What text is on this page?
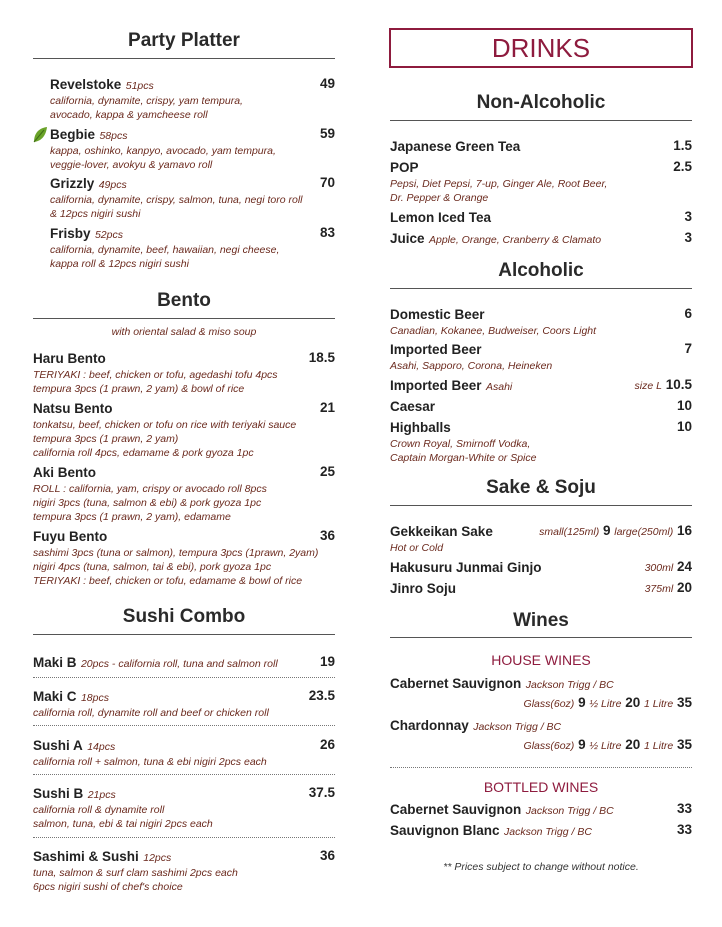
Party Platter
Revelstoke 51pcs	49
california, dynamite, crispy, yam tempura,
avocado, kappa & yamcheese roll
Begbie 58pcs	59
kappa, oshinko, kanpyo, avocado, yam tempura,
veggie-lover, avokyu & yamavo roll
Grizzly 49pcs	70
california, dynamite, crispy, salmon, tuna, negi toro roll
& 12pcs nigiri sushi
Frisby 52pcs	83
california, dynamite, beef, hawaiian, negi cheese,
kappa roll & 12pcs nigiri sushi
Bento
with oriental salad & miso soup
Haru Bento	18.5
TERIYAKI : beef, chicken or tofu, agedashi tofu 4pcs
tempura 3pcs (1 prawn, 2 yam) & bowl of rice
Natsu Bento	21
tonkatsu, beef, chicken or tofu on rice with teriyaki sauce
tempura 3pcs (1 prawn, 2 yam)
california roll 4pcs, edamame & pork gyoza 1pc
Aki Bento	25
ROLL : california, yam, crispy or avocado roll 8pcs
nigiri 3pcs (tuna, salmon & ebi) & pork gyoza 1pc
tempura 3pcs (1 prawn, 2 yam), edamame
Fuyu Bento	36
sashimi 3pcs (tuna or salmon), tempura 3pcs (1prawn, 2yam)
nigiri 4pcs (tuna, salmon, tai & ebi), pork gyoza 1pc
TERIYAKI : beef, chicken or tofu, edamame & bowl of rice
Sushi Combo
Maki B 20pcs - california roll, tuna and salmon roll	19
Maki C 18pcs	23.5
california roll, dynamite roll and beef or chicken roll
Sushi A 14pcs	26
california roll + salmon, tuna & ebi nigiri 2pcs each
Sushi B 21pcs	37.5
california roll & dynamite roll
salmon, tuna, ebi & tai nigiri 2pcs each
Sashimi & Sushi 12pcs	36
tuna, salmon & surf clam sashimi 2pcs each
6pcs nigiri sushi of chef's choice
DRINKS
Non-Alcoholic
Japanese Green Tea	1.5
POP	2.5
Pepsi, Diet Pepsi, 7-up, Ginger Ale, Root Beer,
Dr. Pepper & Orange
Lemon Iced Tea	3
Juice Apple, Orange, Cranberry & Clamato	3
Alcoholic
Domestic Beer	6
Canadian, Kokanee, Budweiser, Coors Light
Imported Beer	7
Asahi, Sapporo, Corona, Heineken
Imported Beer Asahi	size L 10.5
Caesar	10
Highballs	10
Crown Royal, Smirnoff Vodka,
Captain Morgan-White or Spice
Sake & Soju
Gekkeikan Sake	small(125ml) 9 large(250ml) 16
Hot or Cold
Hakusuru Junmai Ginjo	300ml 24
Jinro Soju	375ml 20
Wines
HOUSE WINES
Cabernet Sauvignon Jackson Trigg / BC
Glass(6oz) 9 ½ Litre 20 1 Litre 35
Chardonnay Jackson Trigg / BC
Glass(6oz) 9 ½ Litre 20 1 Litre 35
BOTTLED WINES
Cabernet Sauvignon Jackson Trigg / BC	33
Sauvignon Blanc Jackson Trigg / BC	33
** Prices subject to change without notice.
